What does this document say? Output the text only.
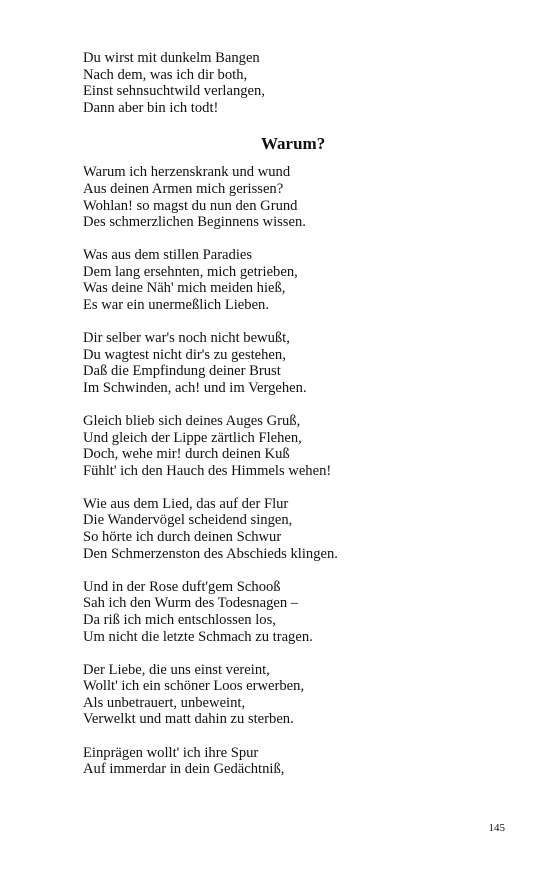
Du wirst mit dunkelm Bangen
Nach dem, was ich dir both,
Einst sehnsuchtwild verlangen,
Dann aber bin ich todt!
Warum?
Warum ich herzenskrank und wund
Aus deinen Armen mich gerissen?
Wohlan! so magst du nun den Grund
Des schmerzlichen Beginnens wissen.
Was aus dem stillen Paradies
Dem lang ersehnten, mich getrieben,
Was deine Näh' mich meiden hieß,
Es war ein unermeßlich Lieben.
Dir selber war's noch nicht bewußt,
Du wagtest nicht dir's zu gestehen,
Daß die Empfindung deiner Brust
Im Schwinden, ach! und im Vergehen.
Gleich blieb sich deines Auges Gruß,
Und gleich der Lippe zärtlich Flehen,
Doch, wehe mir! durch deinen Kuß
Fühlt' ich den Hauch des Himmels wehen!
Wie aus dem Lied, das auf der Flur
Die Wandervögel scheidend singen,
So hörte ich durch deinen Schwur
Den Schmerzenston des Abschieds klingen.
Und in der Rose duft'gem Schooß
Sah ich den Wurm des Todesnagen –
Da riß ich mich entschlossen los,
Um nicht die letzte Schmach zu tragen.
Der Liebe, die uns einst vereint,
Wollt' ich ein schöner Loos erwerben,
Als unbetrauert, unbeweint,
Verwelkt und matt dahin zu sterben.
Einprägen wollt' ich ihre Spur
Auf immerdar in dein Gedächtniß,
145
